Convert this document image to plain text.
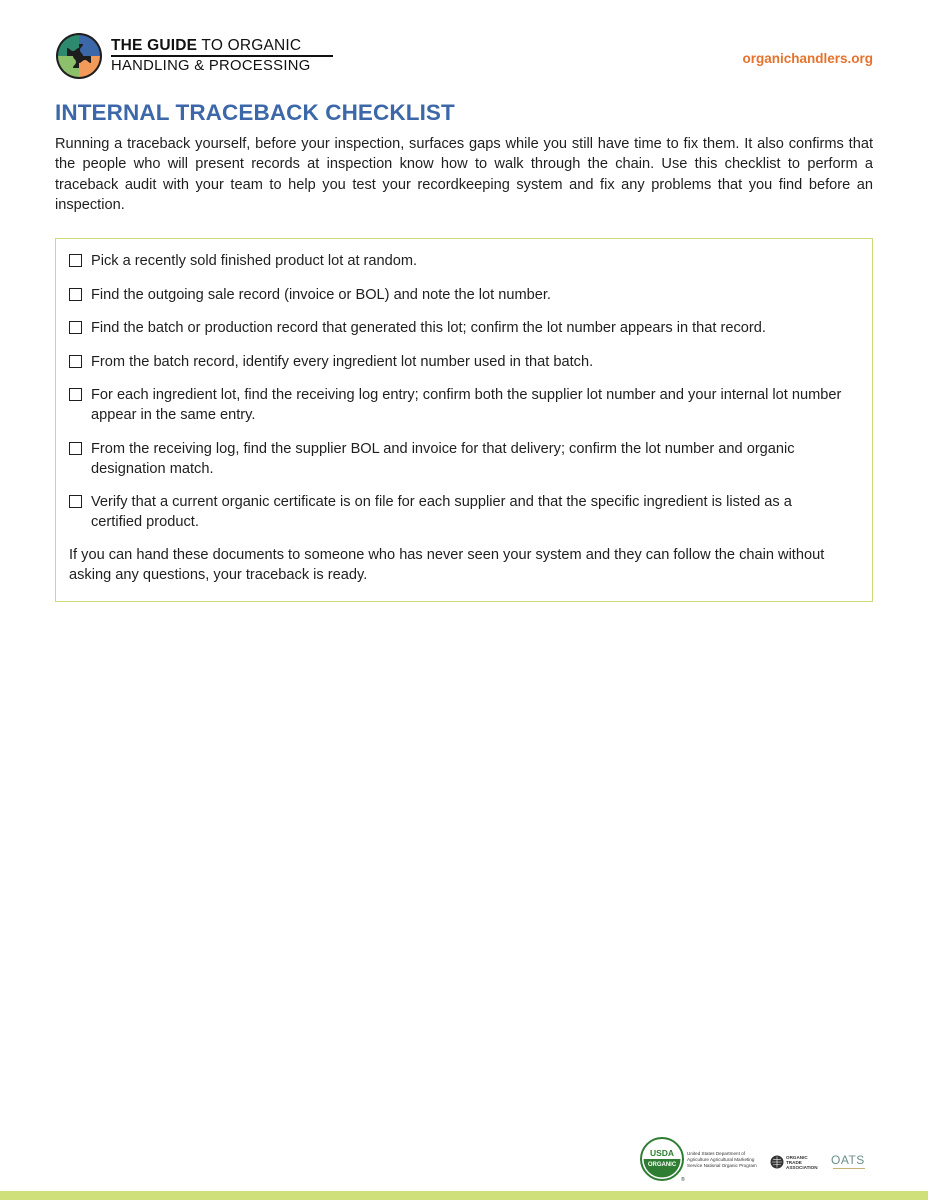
THE GUIDE TO ORGANIC
HANDLING & PROCESSING	organichandlers.org
INTERNAL TRACEBACK CHECKLIST

Running a traceback yourself, before your inspection, surfaces gaps while you still have time to fix them. It also confirms that the people who will present records at inspection know how to walk through the chain. Use this checklist to perform a traceback audit with your team to help you test your recordkeeping system and fix any problems that you find before an inspection.

Pick a recently sold finished product lot at random.
Find the outgoing sale record (invoice or BOL) and note the lot number.
Find the batch or production record that generated this lot; confirm the lot number appears in that record.
From the batch record, identify every ingredient lot number used in that batch.
For each ingredient lot, find the receiving log entry; confirm both the supplier lot number and your internal lot number appear in the same entry.
From the receiving log, find the supplier BOL and invoice for that delivery; confirm the lot number and organic designation match.
Verify that a current organic certificate is on file for each supplier and that the specific ingredient is listed as a certified product.

If you can hand these documents to someone who has never seen your system and they can follow the chain without asking any questions, your traceback is ready.

USDA
ORGANIC
®
United States Department of Agriculture Agricultural Marketing Service National Organic Program
ORGANIC
TRADE
ASSOCIATION
OATS
